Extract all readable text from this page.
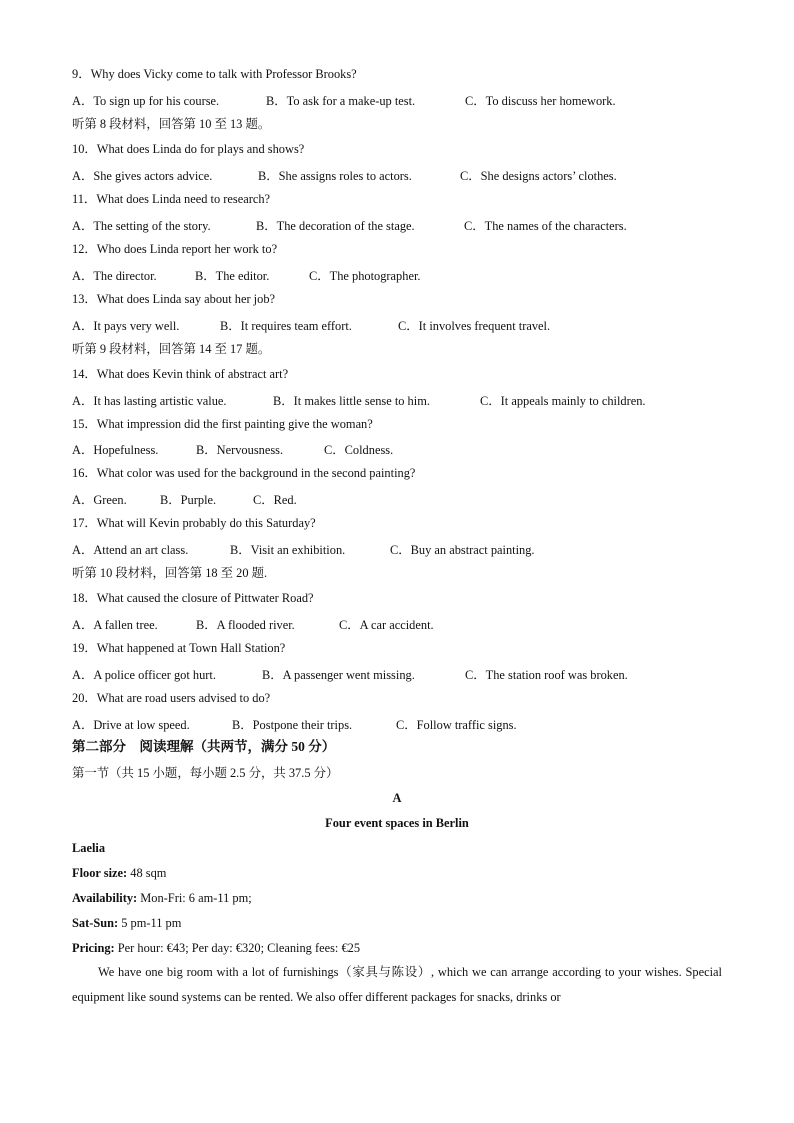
9．Why does Vicky come to talk with Professor Brooks?
A．To sign up for his course.	B．To ask for a make-up test.	C．To discuss her homework.
听第 8 段材料，回答第 10 至 13 题。
10．What does Linda do for plays and shows?
A．She gives actors advice.	B．She assigns roles to actors.	C．She designs actors’ clothes.
11．What does Linda need to research?
A．The setting of the story.	B．The decoration of the stage.	C．The names of the characters.
12．Who does Linda report her work to?
A．The director.	B．The editor.	C．The photographer.
13．What does Linda say about her job?
A．It pays very well.	B．It requires team effort.	C．It involves frequent travel.
听第 9 段材料，回答第 14 至 17 题。
14．What does Kevin think of abstract art?
A．It has lasting artistic value.	B．It makes little sense to him.	C．It appeals mainly to children.
15．What impression did the first painting give the woman?
A．Hopefulness.	B．Nervousness.	C．Coldness.
16．What color was used for the background in the second painting?
A．Green.	B．Purple.	C．Red.
17．What will Kevin probably do this Saturday?
A．Attend an art class.	B．Visit an exhibition.	C．Buy an abstract painting.
听第 10 段材料，回答第 18 至 20 题.
18．What caused the closure of Pittwater Road?
A．A fallen tree.	B．A flooded river.	C．A car accident.
19．What happened at Town Hall Station?
A．A police officer got hurt.	B．A passenger went missing.	C．The station roof was broken.
20．What are road users advised to do?
A．Drive at low speed.	B．Postpone their trips.	C．Follow traffic signs.
第二部分　阅读理解（共两节，满分 50 分）
第一节（共 15 小题，每小题 2.5 分，共 37.5 分）
A
Four event spaces in Berlin
Laelia
Floor size: 48 sqm
Availability: Mon-Fri: 6 am-11 pm;
Sat-Sun: 5 pm-11 pm
Pricing: Per hour: €43; Per day: €320; Cleaning fees: €25
We have one big room with a lot of furnishings（家具与陈设）, which we can arrange according to your wishes. Special equipment like sound systems can be rented. We also offer different packages for snacks, drinks or
